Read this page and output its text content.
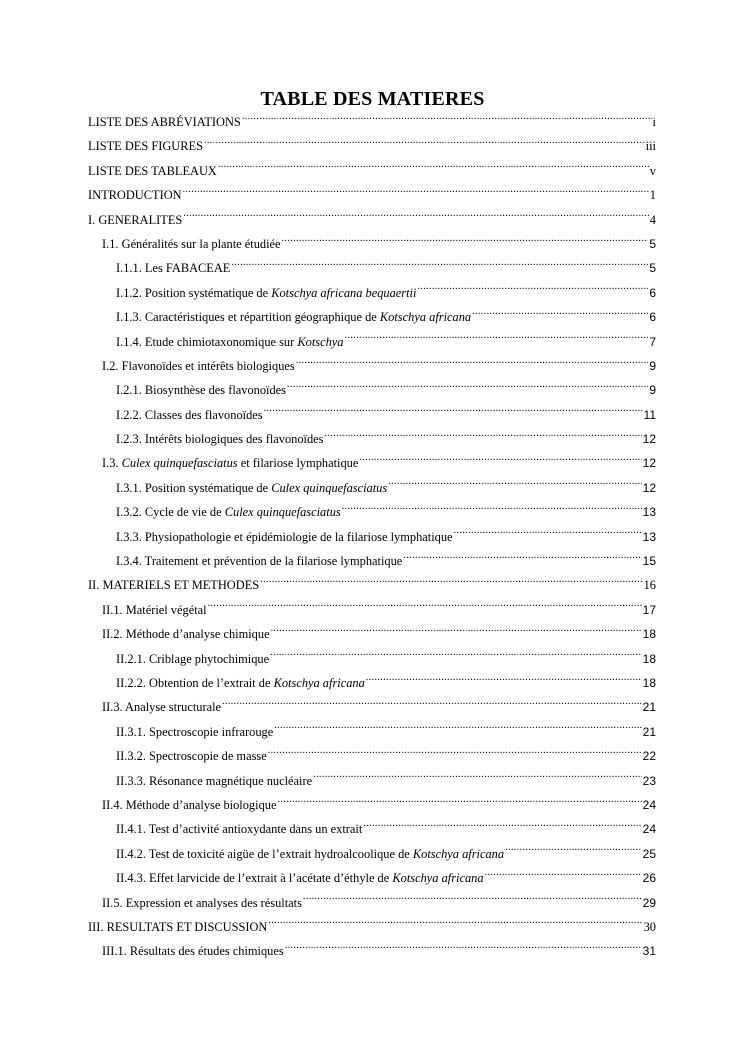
TABLE DES MATIERES
LISTE DES ABRÉVIATIONS .....	i
LISTE DES FIGURES .....	iii
LISTE DES TABLEAUX .....	v
INTRODUCTION .....	1
I. GENERALITES .....	4
I.1. Généralités sur la plante étudiée .....	5
I.1.1. Les FABACEAE .....	5
I.1.2. Position systématique de Kotschya africana bequaertii .....	6
I.1.3. Caractéristiques et répartition géographique de Kotschya africana .....	6
I.1.4. Etude chimiotaxonomique sur Kotschya .....	7
I.2. Flavonoïdes et intérêts biologiques .....	9
I.2.1. Biosynthèse des flavonoïdes .....	9
I.2.2. Classes des flavonoïdes .....	11
I.2.3. Intérêts biologiques des flavonoïdes .....	12
I.3. Culex quinquefasciatus et filariose lymphatique .....	12
I.3.1. Position systématique de Culex quinquefasciatus .....	12
I.3.2. Cycle de vie de Culex quinquefasciatus .....	13
I.3.3. Physiopathologie et épidémiologie de la filariose lymphatique .....	13
I.3.4. Traitement et prévention de la filariose lymphatique .....	15
II. MATERIELS ET METHODES .....	16
II.1. Matériel végétal .....	17
II.2. Méthode d’analyse chimique .....	18
II.2.1. Criblage phytochimique .....	18
II.2.2. Obtention de l’extrait de Kotschya africana .....	18
II.3. Analyse structurale .....	21
II.3.1. Spectroscopie infrarouge .....	21
II.3.2. Spectroscopie de masse .....	22
II.3.3. Résonance magnétique nucléaire .....	23
II.4. Méthode d’analyse biologique .....	24
II.4.1. Test d’activité antioxydante dans un extrait .....	24
II.4.2. Test de toxicité aigüe de l’extrait hydroalcoolique de Kotschya africana .....	25
II.4.3. Effet larvicide de l’extrait à l’acétate d’éthyle de Kotschya africana .....	26
II.5. Expression et analyses des résultats .....	29
III. RESULTATS ET DISCUSSION .....	30
III.1. Résultats des études chimiques .....	31
